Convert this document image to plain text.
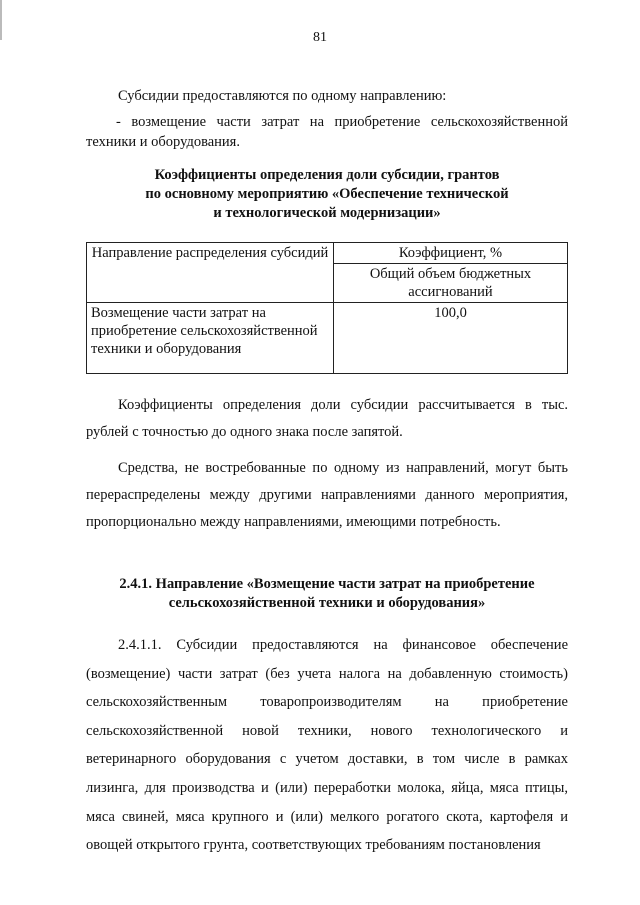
81

Субсидии предоставляются по одному направлению:

- возмещение части затрат на приобретение сельскохозяйственной техники и оборудования.

Коэффициенты определения доли субсидии, грантов
по основному мероприятию «Обеспечение технической
и технологической модернизации»
Направление распределения субсидий	Коэффициент, %
	Общий объем бюджетных ассигнований
Возмещение части затрат на приобретение сельскохозяйственной техники и оборудования	100,0

Коэффициенты определения доли субсидии рассчитывается в тыс. рублей с точностью до одного знака после запятой.

Средства, не востребованные по одному из направлений, могут быть перераспределены между другими направлениями данного мероприятия, пропорционально между направлениями, имеющими потребность.

2.4.1. Направление «Возмещение части затрат на приобретение
сельскохозяйственной техники и оборудования»

2.4.1.1. Субсидии предоставляются на финансовое обеспечение (возмещение) части затрат (без учета налога на добавленную стоимость) сельскохозяйственным товаропроизводителям на приобретение сельскохозяйственной новой техники, нового технологического и ветеринарного оборудования с учетом доставки, в том числе в рамках лизинга, для производства и (или) переработки молока, яйца, мяса птицы, мяса свиней, мяса крупного и (или) мелкого рогатого скота, картофеля и овощей открытого грунта, соответствующих требованиям постановления
